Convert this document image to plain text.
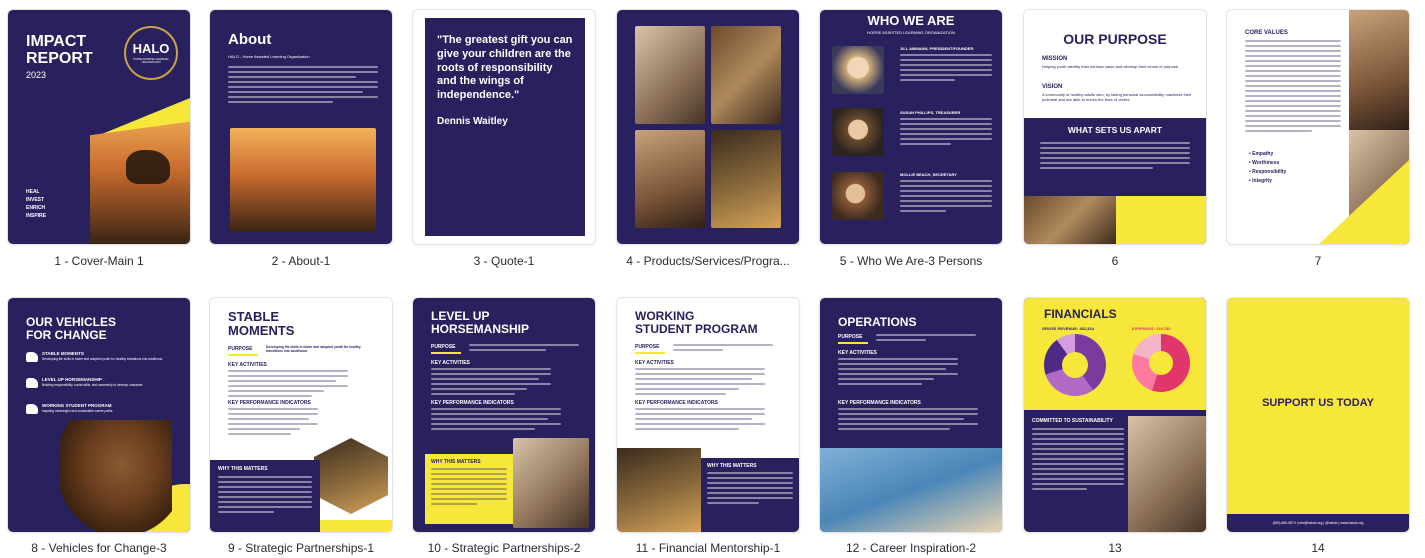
IMPACT
REPORT
2023
HALO
HORSE ASSISTED LEARNING ORGANIZATION
HEAL
INVEST
ENRICH
INSPIRE
1 - Cover-Main 1
About
HALO - Horse Assisted Learning Organization
2 - About-1
"The greatest gift you can give your children are the roots of responsibility and the wings of independence."
Dennis Waitley
3 - Quote-1	4 - Products/Services/Progra...
WHO WE ARE
HORSE ASSISTED LEARNING ORGANIZATION
JILL AMMANN, PRESIDENT/FOUNDER
SUSAN PHILLIPS, TREASURER
MOLLIE BEACH, SECRETARY
5 - Who We Are-3 Persons
OUR PURPOSE
MISSION
Helping youth identify their intrinsic value and develop their sense of purpose.
VISION
A community of healthy adults who, by taking personal accountability, maximize their potential and are able to enrich the lives of others.
WHAT SETS US APART
6
CORE VALUES
• Empathy
• Worthiness
• Responsibility
• Integrity
7
OUR VEHICLES
FOR CHANGE
STABLE MOMENTS
Developing life skills in foster and adopted youth for healthy transitions into adulthood.
LEVEL UP HORSEMANSHIP
Building responsibility, social skills, and ownership to develop character.
WORKING STUDENT PROGRAM
Inspiring meaningful and sustainable career paths.
8 - Vehicles for Change-3
STABLE
MOMENTS
PURPOSE	Developing life skills in foster and adopted youth for healthy transitions into adulthood.
KEY ACTIVITIES
KEY PERFORMANCE INDICATORS
WHY THIS MATTERS
9 - Strategic Partnerships-1
LEVEL UP
HORSEMANSHIP
PURPOSE
KEY ACTIVITIES
KEY PERFORMANCE INDICATORS
WHY THIS MATTERS
10 - Strategic Partnerships-2
WORKING
STUDENT PROGRAM
PURPOSE
KEY ACTIVITIES
KEY PERFORMANCE INDICATORS
WHY THIS MATTERS
11 - Financial Mentorship-1
OPERATIONS
PURPOSE
KEY ACTIVITIES
KEY PERFORMANCE INDICATORS
12 - Career Inspiration-2
FINANCIALS
GROSS REVENUE: 462,334	EXPENSES: 218,785
COMMITTED TO SUSTAINABILITY
13
SUPPORT US TODAY
(830) 660-9574 | info@halotx.org | @halotx | www.halotx.org
14
